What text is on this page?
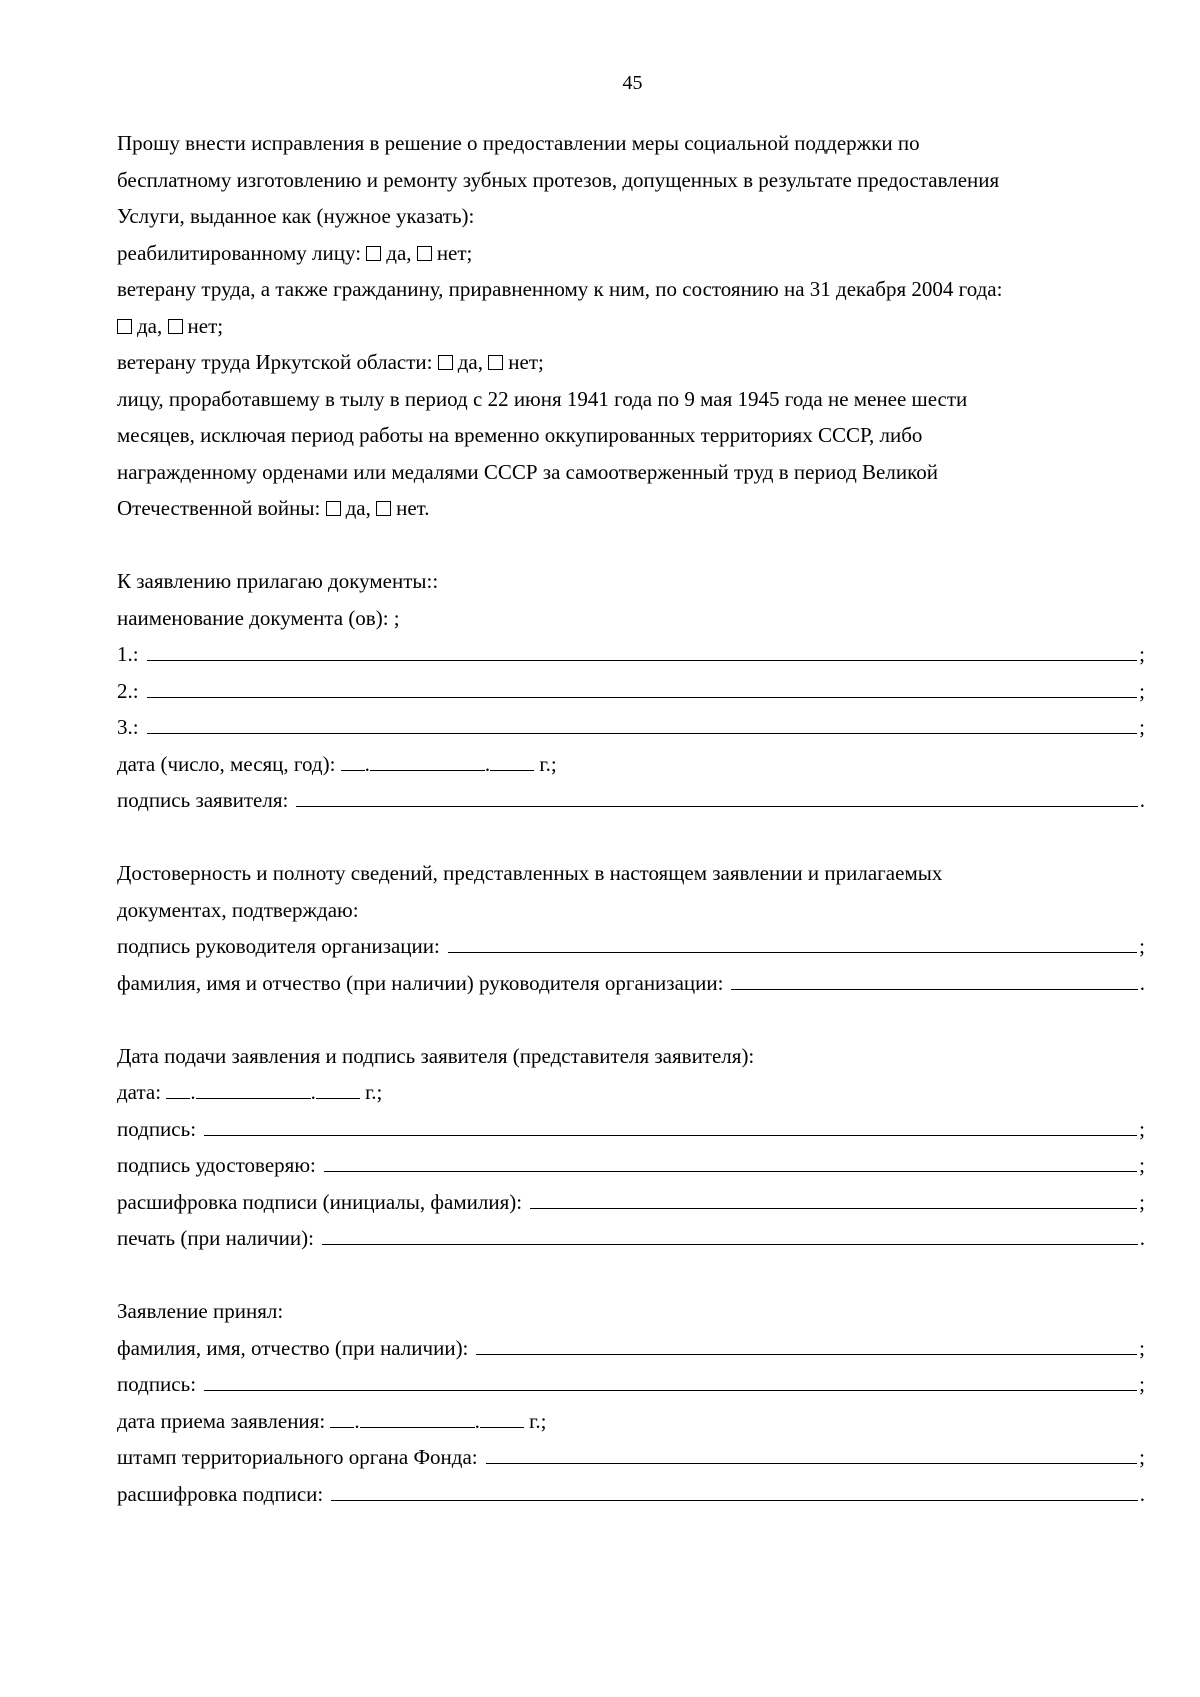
45
Прошу внести исправления в решение о предоставлении меры социальной поддержки по
бесплатному изготовлению и ремонту зубных протезов, допущенных в результате предоставления
Услуги, выданное как (нужное указать):
реабилитированному лицу: да, нет;
ветерану труда, а также гражданину, приравненному к ним, по состоянию на 31 декабря 2004 года:
да, нет;
ветерану труда Иркутской области: да, нет;
лицу, проработавшему в тылу в период с 22 июня 1941 года по 9 мая 1945 года не менее шести
месяцев, исключая период работы на временно оккупированных территориях СССР, либо
награжденному орденами или медалями СССР за самоотверженный труд в период Великой
Отечественной войны: да, нет.
К заявлению прилагаю документы::
наименование документа (ов): ;
1.:	;
2.:	;
3.:	;
дата (число, месяц, год): .	. г.;
подпись заявителя:	.
Достоверность и полноту сведений, представленных в настоящем заявлении и прилагаемых
документах, подтверждаю:
подпись руководителя организации:	;
фамилия, имя и отчество (при наличии) руководителя организации:	.
Дата подачи заявления и подпись заявителя (представителя заявителя):
дата: .	. г.;
подпись:	;
подпись удостоверяю:	;
расшифровка подписи (инициалы, фамилия):	;
печать (при наличии):	.
Заявление принял:
фамилия, имя, отчество (при наличии):	;
подпись:	;
дата приема заявления: .	. г.;
штамп территориального органа Фонда:	;
расшифровка подписи:	.
